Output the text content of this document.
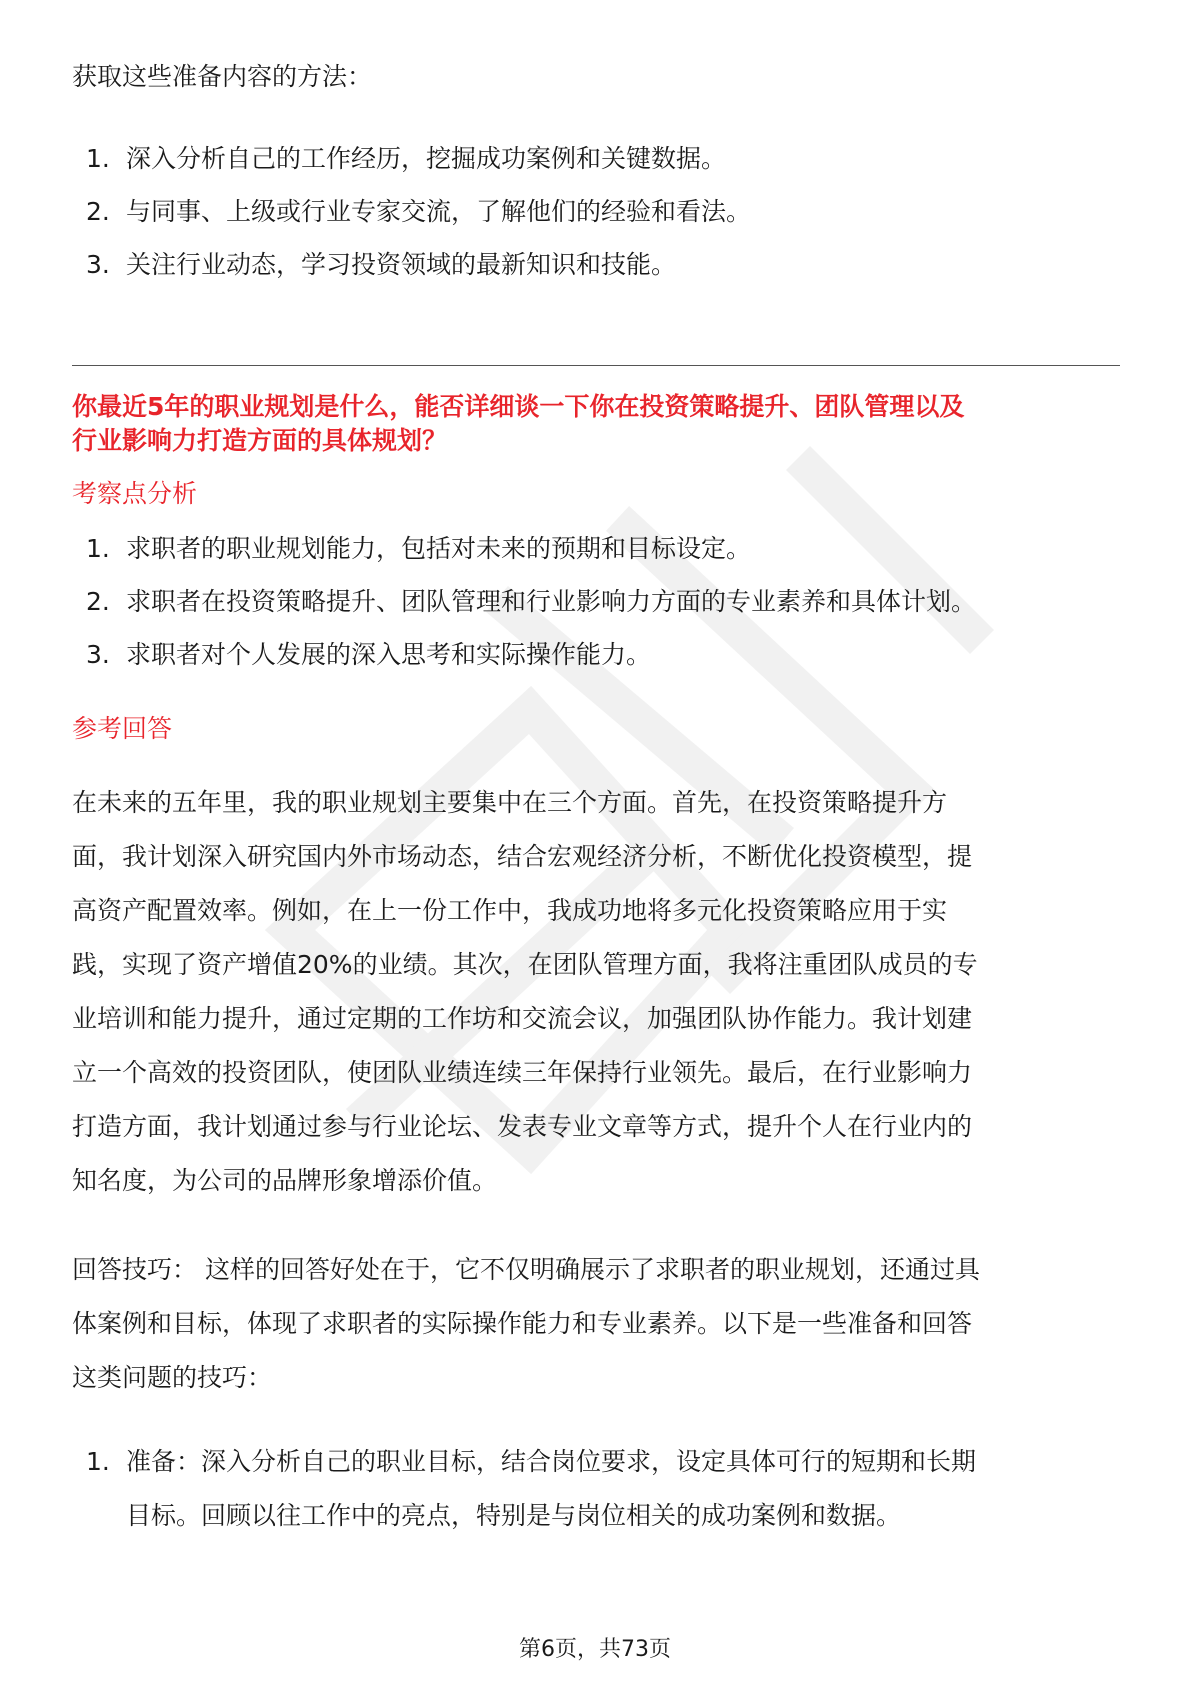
获取这些准备内容的方法：
1. 深入分析自己的工作经历，挖掘成功案例和关键数据。
2. 与同事、上级或行业专家交流，了解他们的经验和看法。
3. 关注行业动态，学习投资领域的最新知识和技能。
你最近5年的职业规划是什么，能否详细谈一下你在投资策略提升、团队管理以及
行业影响力打造方面的具体规划？
考察点分析
1. 求职者的职业规划能力，包括对未来的预期和目标设定。
2. 求职者在投资策略提升、团队管理和行业影响力方面的专业素养和具体计划。
3. 求职者对个人发展的深入思考和实际操作能力。
参考回答
在未来的五年里，我的职业规划主要集中在三个方面。首先，在投资策略提升方
面，我计划深入研究国内外市场动态，结合宏观经济分析，不断优化投资模型，提
高资产配置效率。例如，在上一份工作中，我成功地将多元化投资策略应用于实
践，实现了资产增值20%的业绩。其次，在团队管理方面，我将注重团队成员的专
业培训和能力提升，通过定期的工作坊和交流会议，加强团队协作能力。我计划建
立一个高效的投资团队，使团队业绩连续三年保持行业领先。最后，在行业影响力
打造方面，我计划通过参与行业论坛、发表专业文章等方式，提升个人在行业内的
知名度，为公司的品牌形象增添价值。
回答技巧： 这样的回答好处在于，它不仅明确展示了求职者的职业规划，还通过具
体案例和目标，体现了求职者的实际操作能力和专业素养。以下是一些准备和回答
这类问题的技巧：
1. 准备：深入分析自己的职业目标，结合岗位要求，设定具体可行的短期和长期
目标。回顾以往工作中的亮点，特别是与岗位相关的成功案例和数据。
第6页，共73页
